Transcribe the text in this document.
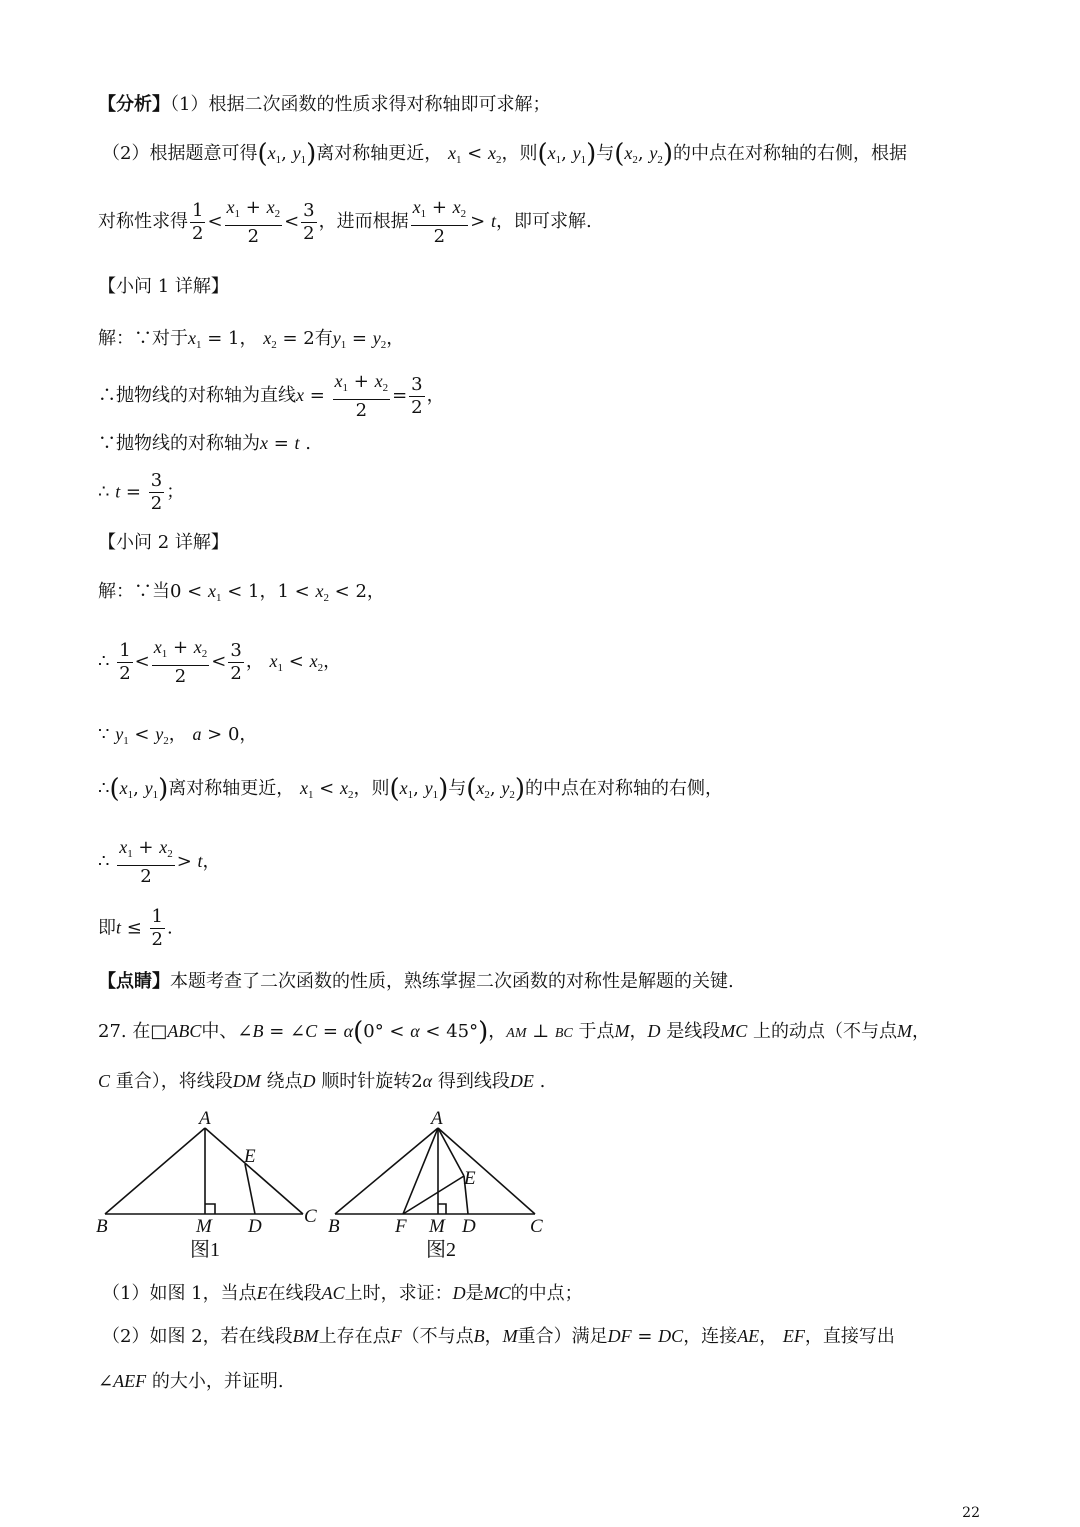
【分析】（1）根据二次函数的性质求得对称轴即可求解；
（2）根据题意可得($x_1$, $y_1$)离对称轴更近， $x_1 < x_2$，则($x_1$, $y_1$)与($x_2$, $y_2$)的中点在对称轴的右侧，根据
对称性求得 $\frac{1}{2} < \frac{x_1 + x_2}{2} < \frac{3}{2}$ ，进而根据 $\frac{x_1 + x_2}{2} > t$，即可求解.
【小问 1 详解】
解：∵对于$x_1 = 1$， $x_2 = 2$有$y_1 = y_2$，
∴抛物线的对称轴为直线$x = \frac{x_1 + x_2}{2} = \frac{3}{2}$ ，
∵抛物线的对称轴为x = t .
∴ $t = \frac{3}{2}$ ；
【小问 2 详解】
解：∵当$0 < x_1 < 1$，$1 < x_2 < 2$，
∴ $\frac{1}{2} < \frac{x_1 + x_2}{2} < \frac{3}{2}$ ， $x_1 < x_2$，
∵ $y_1 < y_2$， a > 0，
$\therefore(x_1$, $y_1$)离对称轴更近， $x_1 < x_2$，则($x_1$, $y_1$)与($x_2$, $y_2$)的中点在对称轴的右侧，
∴ $\frac{x_1 + x_2}{2} > t$，
即$t \le \frac{1}{2}$ .
【点睛】本题考查了二次函数的性质，熟练掌握二次函数的对称性是解题的关键.
27. 在□ABC中、∠B = ∠C = α(0° < α < 45°)，AM ⊥ BC 于点M，D 是线段MC 上的动点（不与点M，
C 重合），将线段DM 绕点D 顺时针旋转2α 得到线段DE .
A
E
B	M D C
图1
A
E
B	F M D	C
图2
（1）如图 1，当点E在线段AC上时，求证：D是MC的中点；
（2）如图 2，若在线段BM上存在点F（不与点B，M重合）满足DF = DC，连接AE， EF，直接写出
∠AEF 的大小，并证明.
22
